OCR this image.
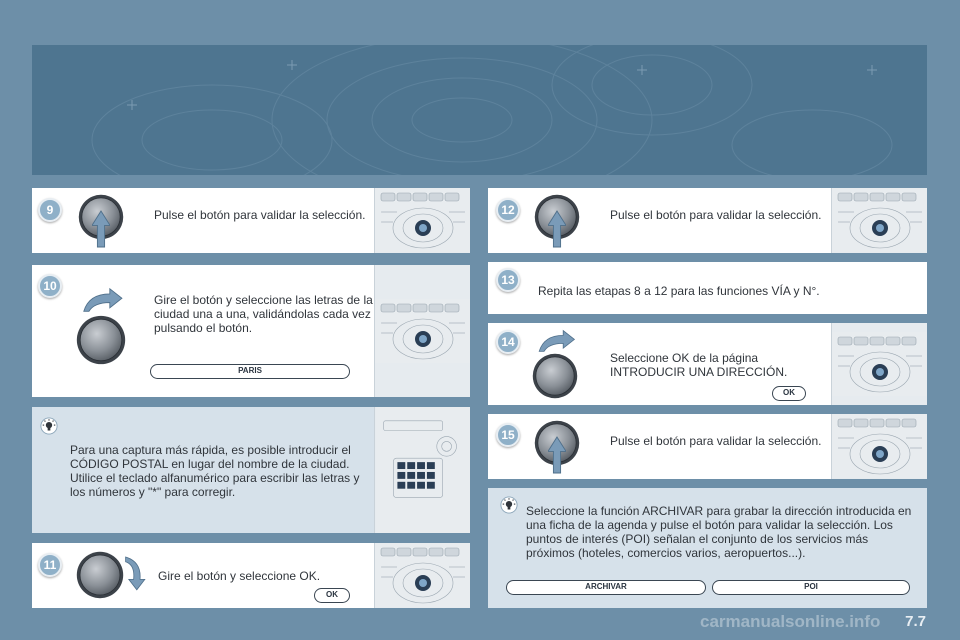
Pulse el botón para validar la selección.
9
Gire el botón y seleccione las letras de la ciudad una a una, validándolas cada vez pulsando el botón.
PARIS
10
Para una captura más rápida, es posible introducir el CÓDIGO POSTAL en lugar del nombre de la ciudad. Utilice el teclado alfanumérico para escribir las letras y los números y "*" para corregir.
Gire el botón y seleccione OK.
OK
11
Pulse el botón para validar la selección.
12
Repita las etapas 8 a 12 para las funciones VÍA y N°.
13
Seleccione OK de la página INTRODUCIR UNA DIRECCIÓN.
OK
14
Pulse el botón para validar la selección.
15
Seleccione la función ARCHIVAR para grabar la dirección introducida en una ficha de la agenda y pulse el botón para validar la selección. Los puntos de interés (POI) señalan el conjunto de los servicios más próximos (hoteles, comercios varios, aeropuertos...).
ARCHIVAR	POI
7.7
carmanualsonline.info
